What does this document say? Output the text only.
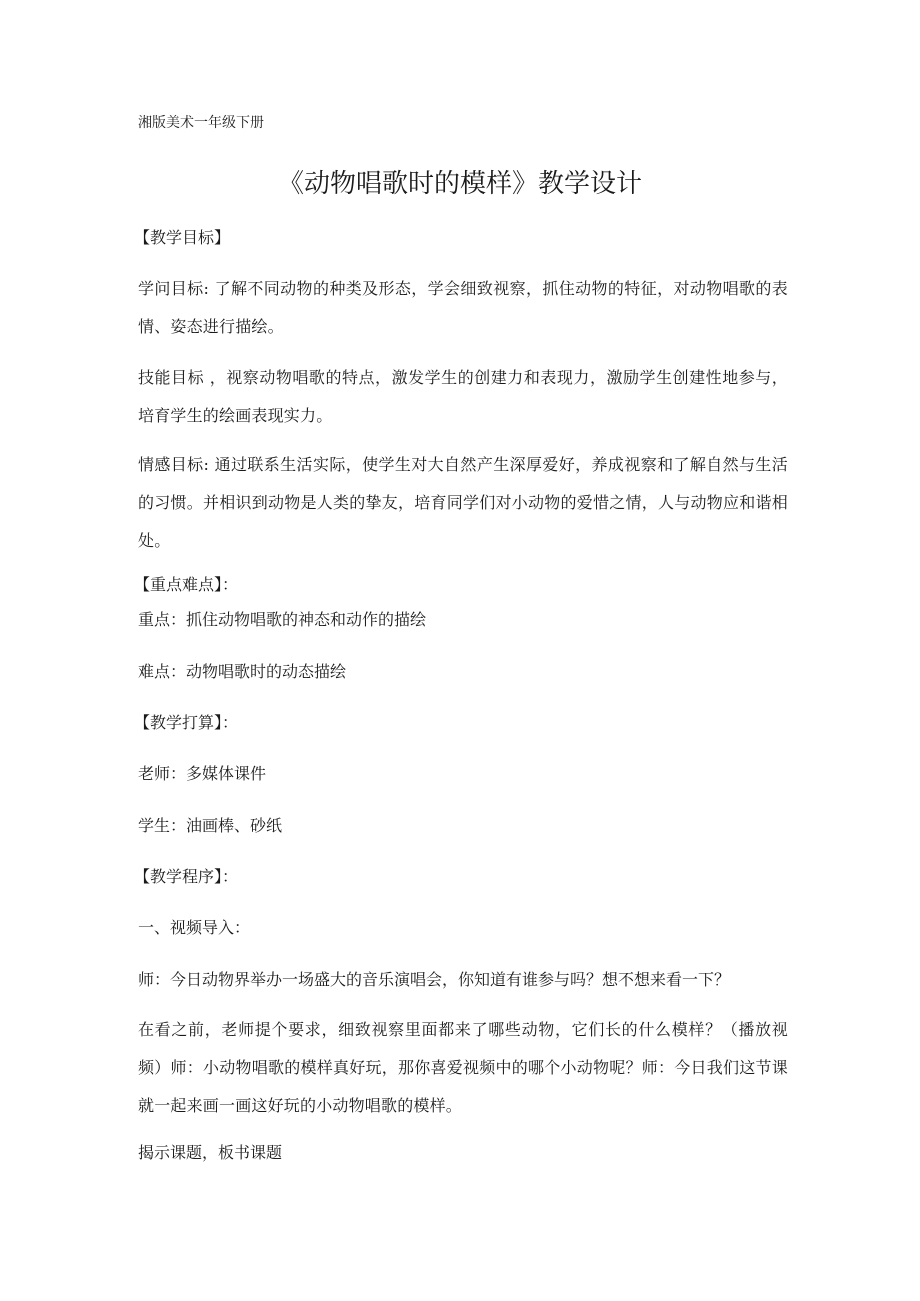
湘版美术一年级下册
《动物唱歌时的模样》教学设计
【教学目标】
学问目标: 了解不同动物的种类及形态，学会细致视察，抓住动物的特征，对动物唱歌的表情、姿态进行描绘。
技能目标 ，视察动物唱歌的特点，激发学生的创建力和表现力，激励学生创建性地参与，培育学生的绘画表现实力。
情感目标: 通过联系生活实际，使学生对大自然产生深厚爱好，养成视察和了解自然与生活的习惯。并相识到动物是人类的挚友，培育同学们对小动物的爱惜之情，人与动物应和谐相处。
【重点难点】：
重点：抓住动物唱歌的神态和动作的描绘
难点：动物唱歌时的动态描绘
【教学打算】：
老师：多媒体课件
学生：油画棒、砂纸
【教学程序】：
一、视频导入：
师：今日动物界举办一场盛大的音乐演唱会，你知道有谁参与吗？想不想来看一下？
在看之前，老师提个要求，细致视察里面都来了哪些动物，它们长的什么模样？（播放视频）师：小动物唱歌的模样真好玩，那你喜爱视频中的哪个小动物呢？师：今日我们这节课就一起来画一画这好玩的小动物唱歌的模样。
揭示课题，板书课题
